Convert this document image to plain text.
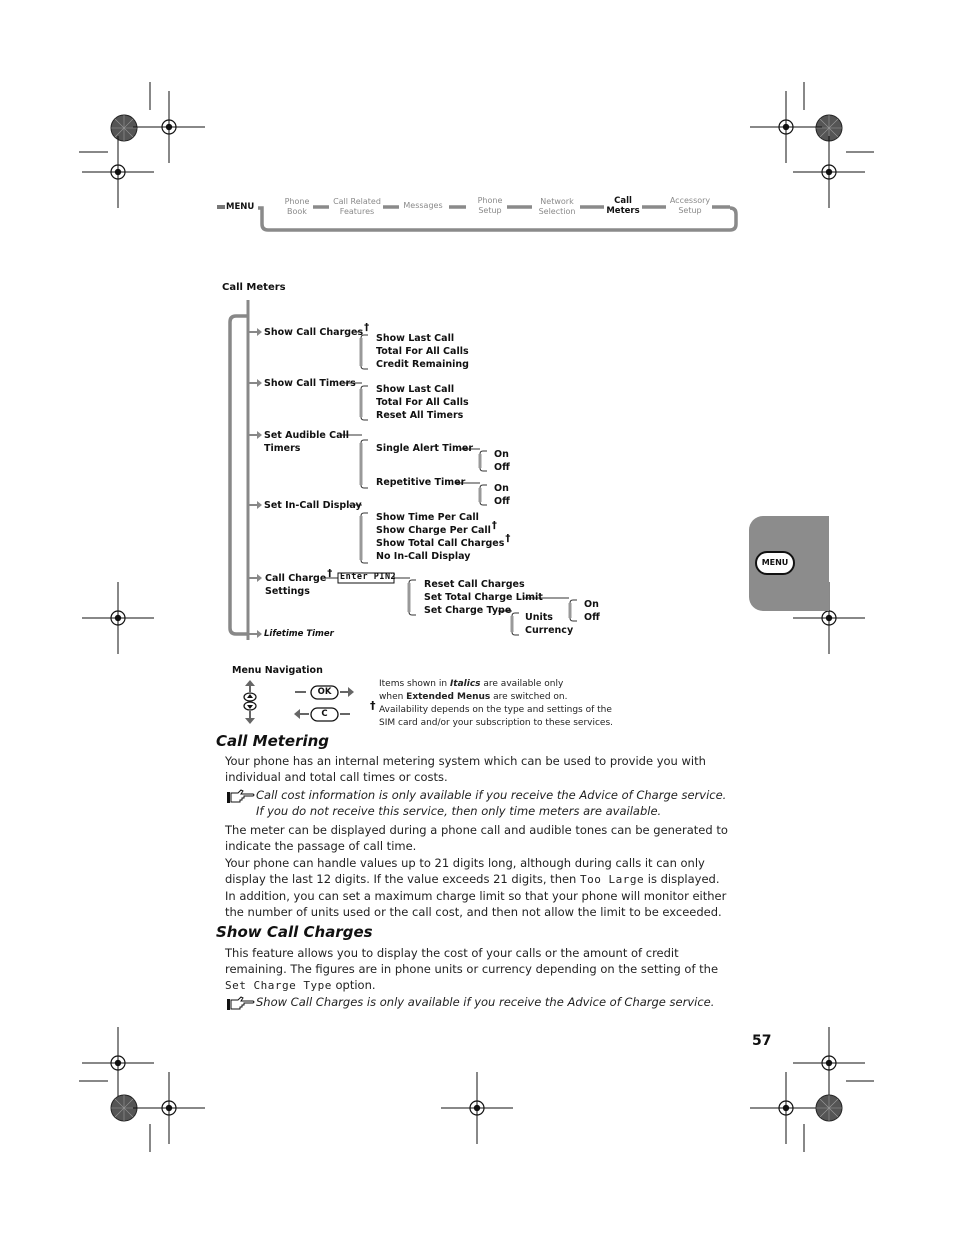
MENU
Phone
Book
Call Related
Features
Messages
Phone
Setup
Network
Selection
Call
Meters
Accessory
Setup
MENU
Call Meters
Show Call Charges†
Show Last Call
Total For All Calls
Credit Remaining
Show Call Timers
Show Last Call
Total For All Calls
Reset All Timers
Set Audible Call
Timers	Single Alert Timer
On
Off
Repetitive Timer
On
Off
Set In-Call Display
Show Time Per Call
Show Charge Per Call†
Show Total Call Charges†
No In-Call Display
Call Charge†
Settings
Enter PIN2
Reset Call Charges
Set Total Charge Limit
Set Charge Type
On
Off
Units
Currency
Lifetime Timer
Menu Navigation
OK
C
Items shown in Italics are available only
when Extended Menus are switched on.
† Availability depends on the type and settings of the
SIM card and/or your subscription to these services.
Call Metering
Your phone has an internal metering system which can be used to provide you with individual and total call times or costs.
Call cost information is only available if you receive the Advice of Charge service. If you do not receive this service, then only time meters are available.
The meter can be displayed during a phone call and audible tones can be generated to indicate the passage of call time.
Your phone can handle values up to 21 digits long, although during calls it can only display the last 12 digits. If the value exceeds 21 digits, then Too Large is displayed.
In addition, you can set a maximum charge limit so that your phone will monitor either the number of units used or the call cost, and then not allow the limit to be exceeded.
Show Call Charges
This feature allows you to display the cost of your calls or the amount of credit remaining. The figures are in phone units or currency depending on the setting of the Set Charge Type option.
Show Call Charges is only available if you receive the Advice of Charge service.
57
